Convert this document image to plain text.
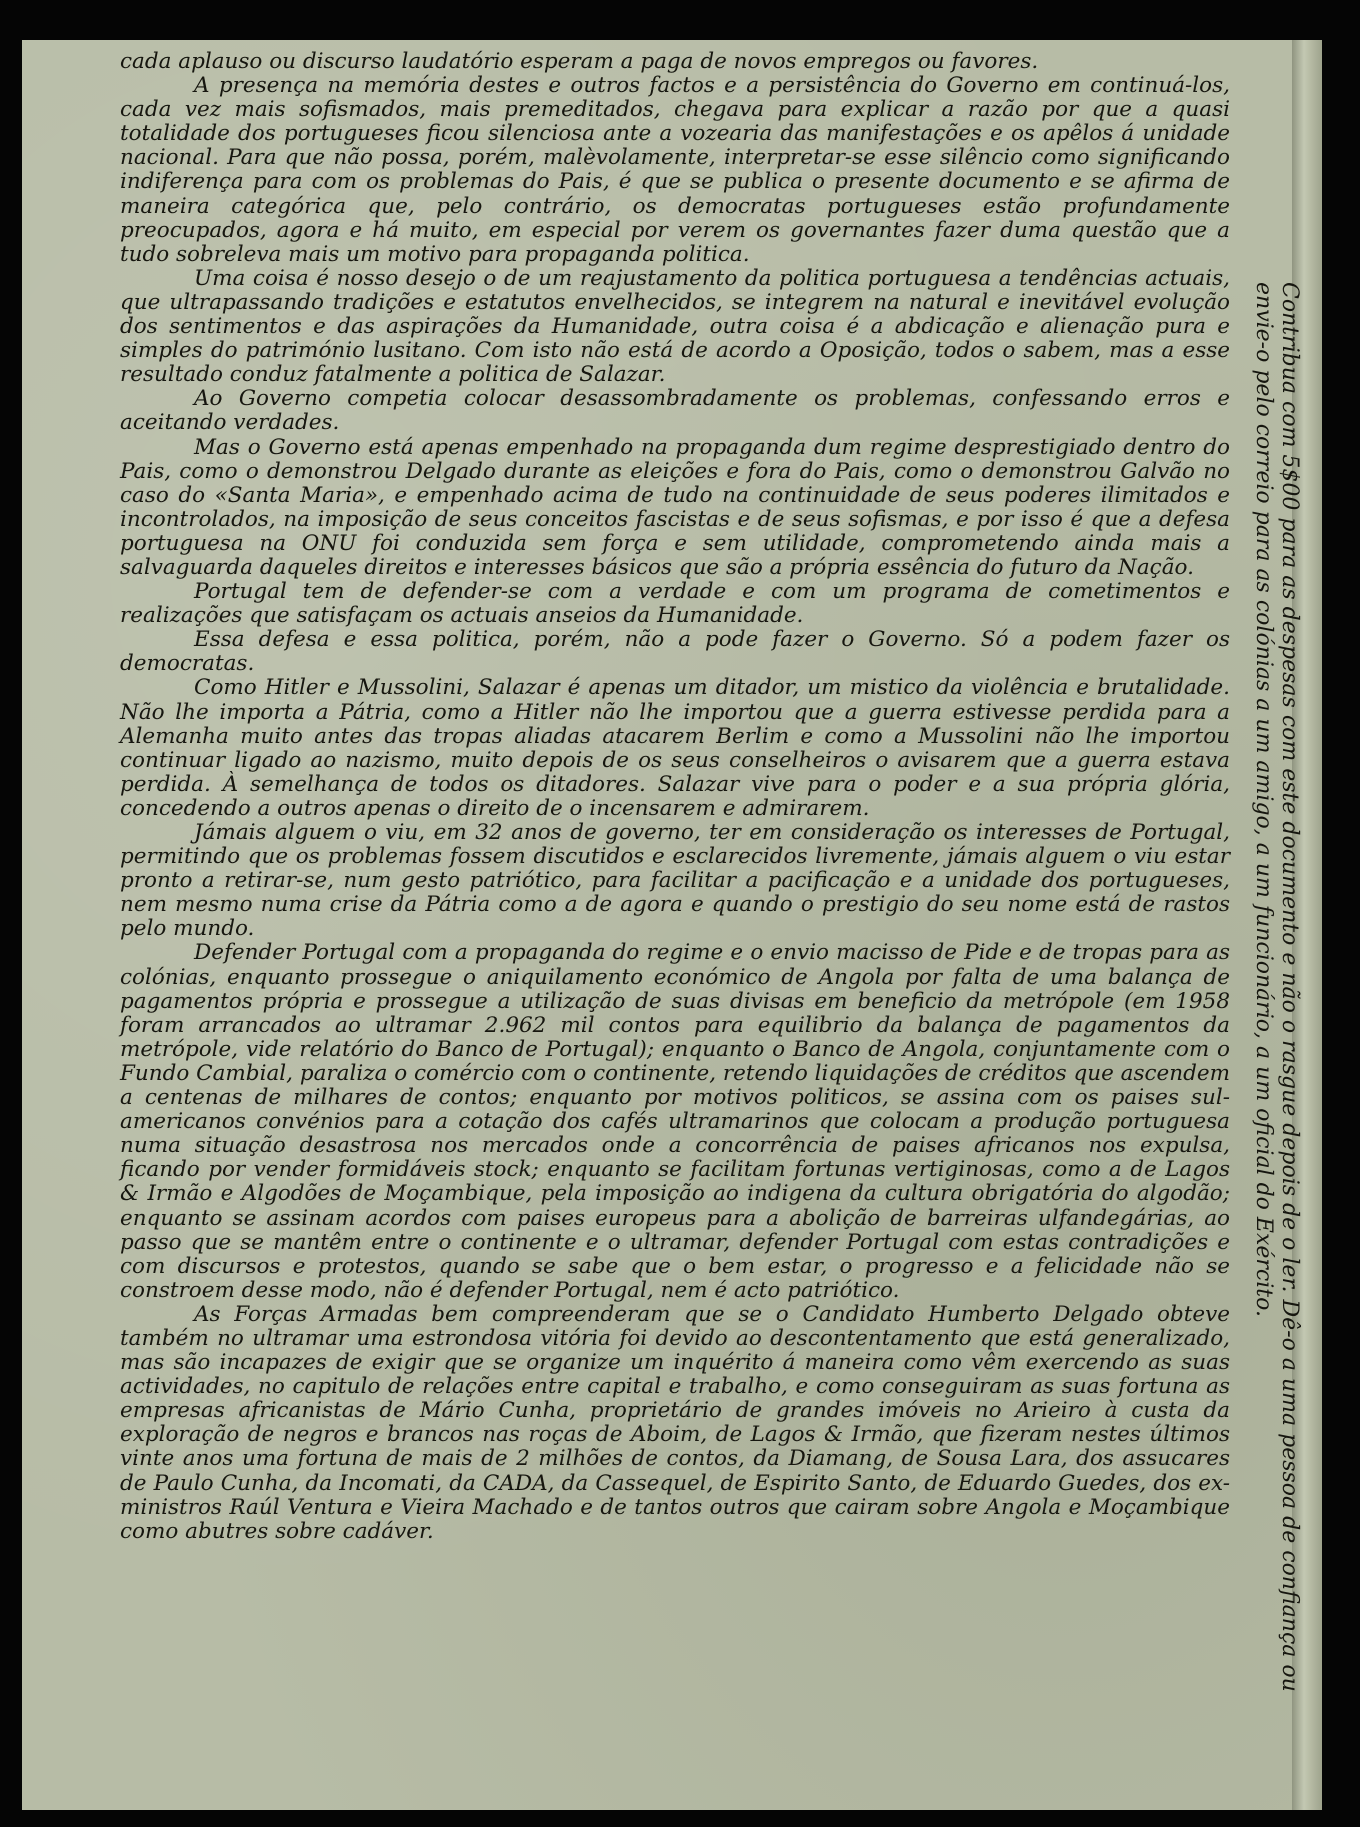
cada aplauso ou discurso laudatório esperam a paga de novos empregos ou favores.

A presença na memória destes e outros factos e a persistência do Governo em continuá-los, cada vez mais sofismados, mais premeditados, chegava para explicar a razão por que a quasi totalidade dos portugueses ficou silenciosa ante a vozearia das manifestações e os apêlos á unidade nacional. Para que não possa, porém, malèvolamente, interpretar-se esse silêncio como significando indiferença para com os problemas do Pais, é que se publica o presente documento e se afirma de maneira categórica que, pelo contrário, os democratas portugueses estão profundamente preocupados, agora e há muito, em especial por verem os governantes fazer duma questão que a tudo sobreleva mais um motivo para propaganda politica.

Uma coisa é nosso desejo o de um reajustamento da politica portuguesa a tendências actuais, que ultrapassando tradições e estatutos envelhecidos, se integrem na natural e inevitável evolução dos sentimentos e das aspirações da Humanidade, outra coisa é a abdicação e alienação pura e simples do património lusitano. Com isto não está de acordo a Oposição, todos o sabem, mas a esse resultado conduz fatalmente a politica de Salazar.

Ao Governo competia colocar desassombradamente os problemas, confessando erros e aceitando verdades.

Mas o Governo está apenas empenhado na propaganda dum regime desprestigiado dentro do Pais, como o demonstrou Delgado durante as eleições e fora do Pais, como o demonstrou Galvão no caso do «Santa Maria», e empenhado acima de tudo na continuidade de seus poderes ilimitados e incontrolados, na imposição de seus conceitos fascistas e de seus sofismas, e por isso é que a defesa portuguesa na ONU foi conduzida sem força e sem utilidade, comprometendo ainda mais a salvaguarda daqueles direitos e interesses básicos que são a própria essência do futuro da Nação.

Portugal tem de defender-se com a verdade e com um programa de cometimentos e realizações que satisfaçam os actuais anseios da Humanidade.

Essa defesa e essa politica, porém, não a pode fazer o Governo. Só a podem fazer os democratas.

Como Hitler e Mussolini, Salazar é apenas um ditador, um mistico da violência e brutalidade. Não lhe importa a Pátria, como a Hitler não lhe importou que a guerra estivesse perdida para a Alemanha muito antes das tropas aliadas atacarem Berlim e como a Mussolini não lhe importou continuar ligado ao nazismo, muito depois de os seus conselheiros o avisarem que a guerra estava perdida. À semelhança de todos os ditadores. Salazar vive para o poder e a sua própria glória, concedendo a outros apenas o direito de o incensarem e admirarem.

Jámais alguem o viu, em 32 anos de governo, ter em consideração os interesses de Portugal, permitindo que os problemas fossem discutidos e esclarecidos livremente, jámais alguem o viu estar pronto a retirar-se, num gesto patriótico, para facilitar a pacificação e a unidade dos portugueses, nem mesmo numa crise da Pátria como a de agora e quando o prestigio do seu nome está de rastos pelo mundo.

Defender Portugal com a propaganda do regime e o envio macisso de Pide e de tropas para as colónias, enquanto prossegue o aniquilamento económico de Angola por falta de uma balança de pagamentos própria e prossegue a utilização de suas divisas em beneficio da metrópole (em 1958 foram arrancados ao ultramar 2.962 mil contos para equilibrio da balança de pagamentos da metrópole, vide relatório do Banco de Portugal); enquanto o Banco de Angola, conjuntamente com o Fundo Cambial, paraliza o comércio com o continente, retendo liquidações de créditos que ascendem a centenas de milhares de contos; enquanto por motivos politicos, se assina com os paises sul-americanos convénios para a cotação dos cafés ultramarinos que colocam a produção portuguesa numa situação desastrosa nos mercados onde a concorrência de paises africanos nos expulsa, ficando por vender formidáveis stock; enquanto se facilitam fortunas vertiginosas, como a de Lagos & Irmão e Algodões de Moçambique, pela imposição ao indigena da cultura obrigatória do algodão; enquanto se assinam acordos com paises europeus para a abolição de barreiras ulfandegárias, ao passo que se mantêm entre o continente e o ultramar, defender Portugal com estas contradições e com discursos e protestos, quando se sabe que o bem estar, o progresso e a felicidade não se constroem desse modo, não é defender Portugal, nem é acto patriótico.

As Forças Armadas bem compreenderam que se o Candidato Humberto Delgado obteve também no ultramar uma estrondosa vitória foi devido ao descontentamento que está generalizado, mas são incapazes de exigir que se organize um inquérito á maneira como vêm exercendo as suas actividades, no capitulo de relações entre capital e trabalho, e como conseguiram as suas fortuna as empresas africanistas de Mário Cunha, proprietário de grandes imóveis no Arieiro à custa da exploração de negros e brancos nas roças de Aboim, de Lagos & Irmão, que fizeram nestes últimos vinte anos uma fortuna de mais de 2 milhões de contos, da Diamang, de Sousa Lara, dos assucares de Paulo Cunha, da Incomati, da CADA, da Cassequel, de Espirito Santo, de Eduardo Guedes, dos ex-ministros Raúl Ventura e Vieira Machado e de tantos outros que cairam sobre Angola e Moçambique como abutres sobre cadáver.	Contribua com 5$00 para as despesas com este documento e não o rasgue depois de o ler. Dê-o a uma pessoa de confiança ou envie-o pelo correio para as colónias a um amigo, a um funcionário, a um oficial do Exército.
